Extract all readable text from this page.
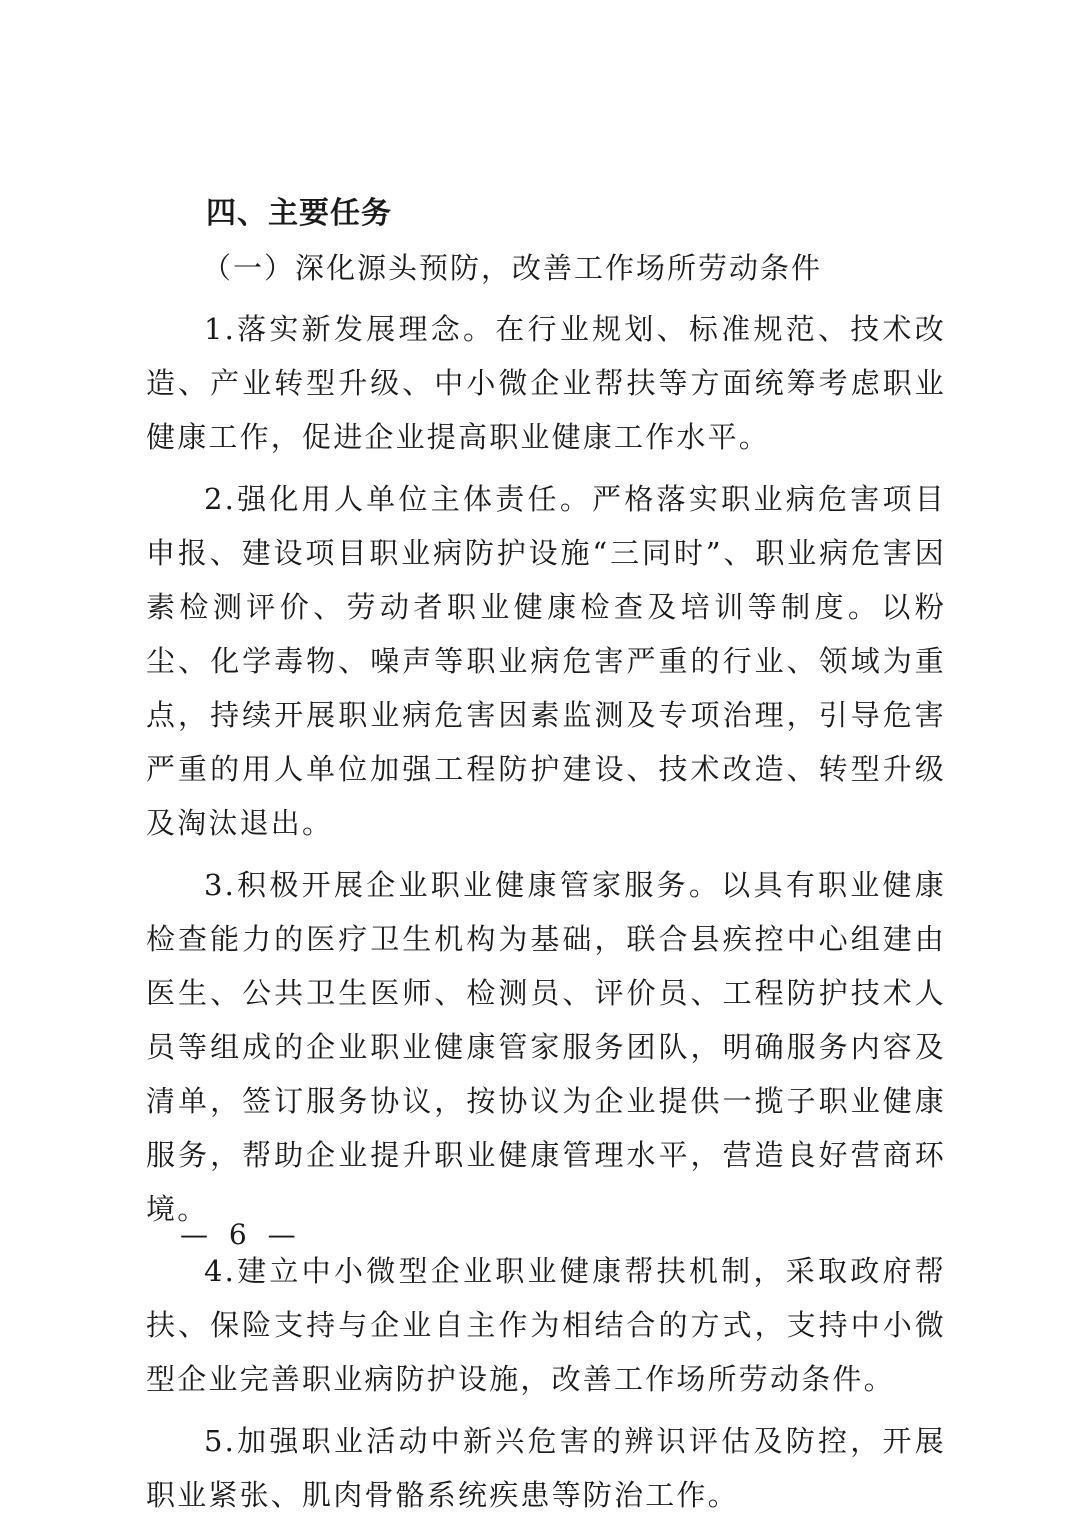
四、主要任务
（一）深化源头预防，改善工作场所劳动条件

1.落实新发展理念。在行业规划、标准规范、技术改造、产业转型升级、中小微企业帮扶等方面统筹考虑职业健康工作，促进企业提高职业健康工作水平。

2.强化用人单位主体责任。严格落实职业病危害项目申报、建设项目职业病防护设施“三同时”、职业病危害因素检测评价、劳动者职业健康检查及培训等制度。以粉尘、化学毒物、噪声等职业病危害严重的行业、领域为重点，持续开展职业病危害因素监测及专项治理，引导危害严重的用人单位加强工程防护建设、技术改造、转型升级及淘汰退出。

3.积极开展企业职业健康管家服务。以具有职业健康检查能力的医疗卫生机构为基础，联合县疾控中心组建由医生、公共卫生医师、检测员、评价员、工程防护技术人员等组成的企业职业健康管家服务团队，明确服务内容及清单，签订服务协议，按协议为企业提供一揽子职业健康服务，帮助企业提升职业健康管理水平，营造良好营商环境。

4.建立中小微型企业职业健康帮扶机制，采取政府帮扶、保险支持与企业自主作为相结合的方式，支持中小微型企业完善职业病防护设施，改善工作场所劳动条件。

5.加强职业活动中新兴危害的辨识评估及防控，开展职业紧张、肌肉骨骼系统疾患等防治工作。

— 6 —
